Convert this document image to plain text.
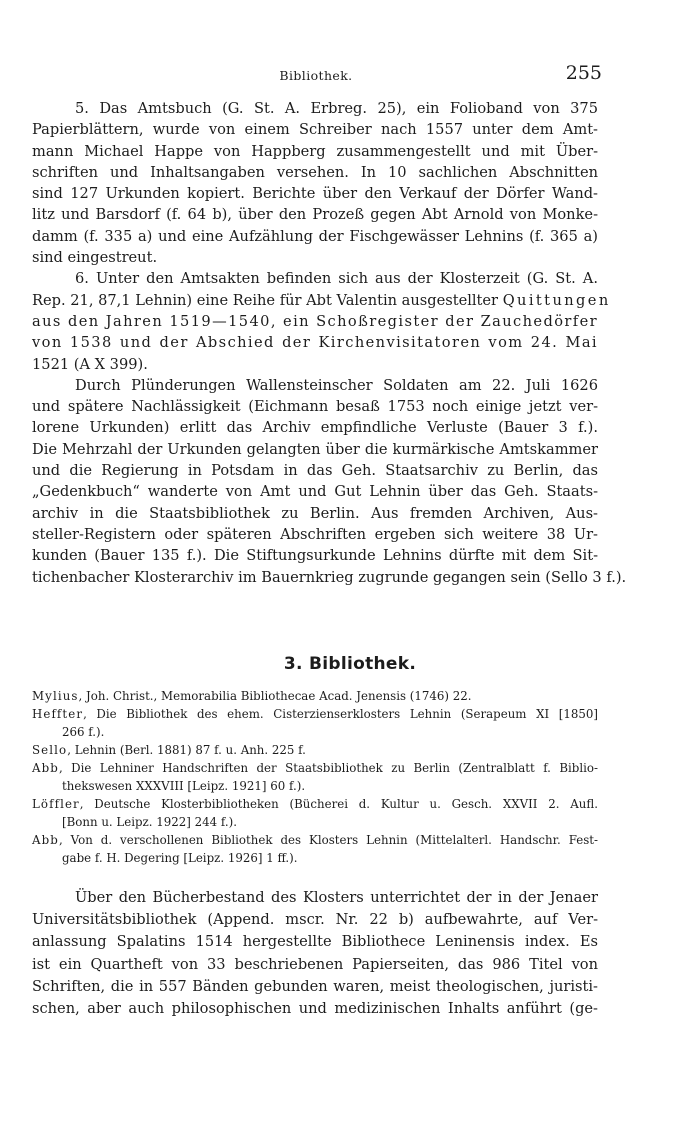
Bibliothek.	255
5. Das Amtsbuch (G. St. A. Erbreg. 25), ein Folioband von 375
Papierblättern, wurde von einem Schreiber nach 1557 unter dem Amt-
mann Michael Happe von Happberg zusammengestellt und mit Über-
schriften und Inhaltsangaben versehen. In 10 sachlichen Abschnitten
sind 127 Urkunden kopiert. Berichte über den Verkauf der Dörfer Wand-
litz und Barsdorf (f. 64 b), über den Prozeß gegen Abt Arnold von Monke-
damm (f. 335 a) und eine Aufzählung der Fischgewässer Lehnins (f. 365 a)
sind eingestreut.
6. Unter den Amtsakten befinden sich aus der Klosterzeit (G. St. A.
Rep. 21, 87,1 Lehnin) eine Reihe für Abt Valentin ausgestellter Quittungen
aus den Jahren 1519—1540, ein Schoßregister der Zauchedörfer
von 1538 und der Abschied der Kirchenvisitatoren vom 24. Mai
1521 (A X 399).
Durch Plünderungen Wallensteinscher Soldaten am 22. Juli 1626
und spätere Nachlässigkeit (Eichmann besaß 1753 noch einige jetzt ver-
lorene Urkunden) erlitt das Archiv empfindliche Verluste (Bauer 3 f.).
Die Mehrzahl der Urkunden gelangten über die kurmärkische Amtskammer
und die Regierung in Potsdam in das Geh. Staatsarchiv zu Berlin, das
„Gedenkbuch“ wanderte von Amt und Gut Lehnin über das Geh. Staats-
archiv in die Staatsbibliothek zu Berlin. Aus fremden Archiven, Aus-
steller-Registern oder späteren Abschriften ergeben sich weitere 38 Ur-
kunden (Bauer 135 f.). Die Stiftungsurkunde Lehnins dürfte mit dem Sit-
tichenbacher Klosterarchiv im Bauernkrieg zugrunde gegangen sein (Sello 3 f.).
3. Bibliothek.
Mylius, Joh. Christ., Memorabilia Bibliothecae Acad. Jenensis (1746) 22.
Heffter, Die Bibliothek des ehem. Cisterzienserklosters Lehnin (Serapeum XI [1850]
266 f.).
Sello, Lehnin (Berl. 1881) 87 f. u. Anh. 225 f.
Abb, Die Lehniner Handschriften der Staatsbibliothek zu Berlin (Zentralblatt f. Biblio-
thekswesen XXXVIII [Leipz. 1921] 60 f.).
Löffler, Deutsche Klosterbibliotheken (Bücherei d. Kultur u. Gesch. XXVII 2. Aufl.
[Bonn u. Leipz. 1922] 244 f.).
Abb, Von d. verschollenen Bibliothek des Klosters Lehnin (Mittelalterl. Handschr. Fest-
gabe f. H. Degering [Leipz. 1926] 1 ff.).
Über den Bücherbestand des Klosters unterrichtet der in der Jenaer
Universitätsbibliothek (Append. mscr. Nr. 22 b) aufbewahrte, auf Ver-
anlassung Spalatins 1514 hergestellte Bibliothece Leninensis index. Es
ist ein Quartheft von 33 beschriebenen Papierseiten, das 986 Titel von
Schriften, die in 557 Bänden gebunden waren, meist theologischen, juristi-
schen, aber auch philosophischen und medizinischen Inhalts anführt (ge-
